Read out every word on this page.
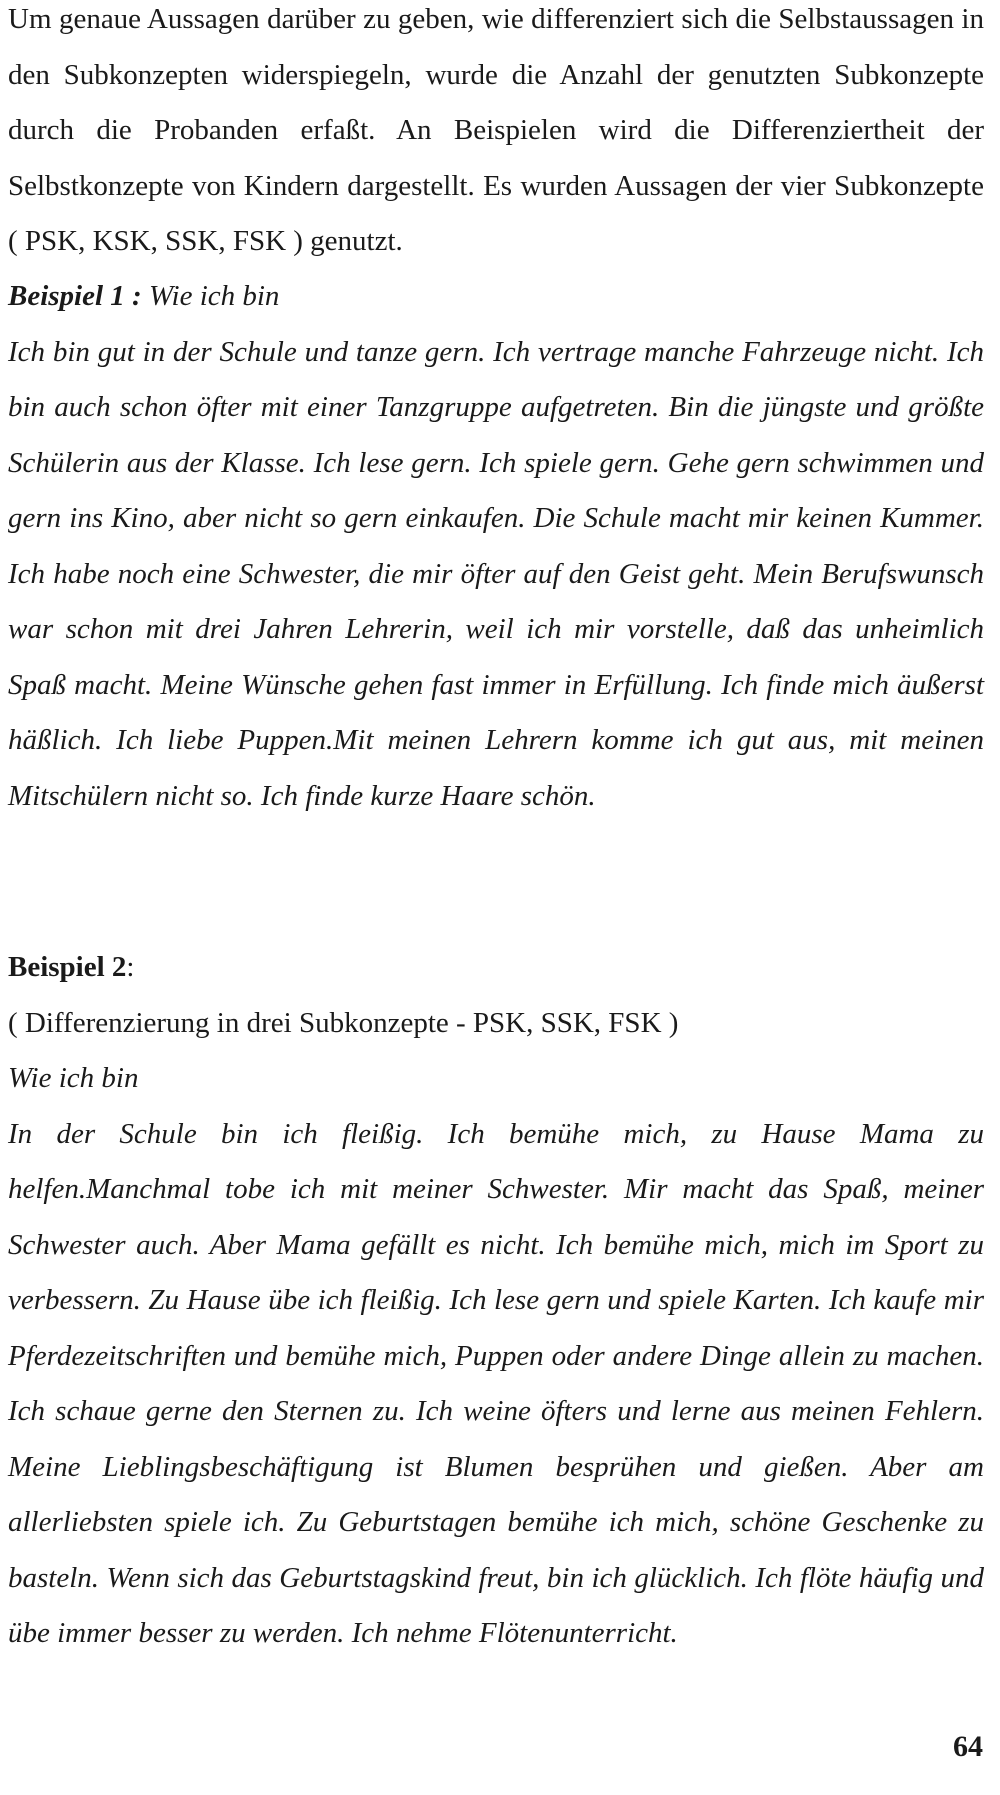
Um genaue Aussagen darüber zu geben, wie differenziert sich die Selbstaussagen in den Subkonzepten widerspiegeln, wurde die Anzahl der genutzten Subkonzepte durch die Probanden erfaßt. An Beispielen wird die Differenziertheit der Selbstkonzepte von Kindern dargestellt. Es wurden Aussagen der vier Subkonzepte ( PSK, KSK, SSK, FSK ) genutzt.

Beispiel 1 : Wie ich bin

Ich bin gut in der Schule und tanze gern. Ich vertrage manche Fahrzeuge nicht. Ich bin auch schon öfter mit einer Tanzgruppe aufgetreten. Bin die jüngste und größte Schülerin aus der Klasse. Ich lese gern. Ich spiele gern. Gehe gern schwimmen und gern ins Kino, aber nicht so gern einkaufen. Die Schule macht mir keinen Kummer. Ich habe noch eine Schwester, die mir öfter auf den Geist geht. Mein Berufswunsch war schon mit drei Jahren Lehrerin, weil ich mir vorstelle, daß das unheimlich Spaß macht. Meine Wünsche gehen fast immer in Erfüllung. Ich finde mich äußerst häßlich. Ich liebe Puppen.Mit meinen Lehrern komme ich gut aus, mit meinen Mitschülern nicht so. Ich finde kurze Haare schön.

Beispiel 2:

( Differenzierung in drei Subkonzepte - PSK, SSK, FSK )

Wie ich bin

In der Schule bin ich fleißig. Ich bemühe mich, zu Hause Mama zu helfen.Manchmal tobe ich mit meiner Schwester. Mir macht das Spaß, meiner Schwester auch. Aber Mama gefällt es nicht. Ich bemühe mich, mich im Sport zu verbessern. Zu Hause übe ich fleißig. Ich lese gern und spiele Karten. Ich kaufe mir Pferdezeitschriften und bemühe mich, Puppen oder andere Dinge allein zu machen. Ich schaue gerne den Sternen zu. Ich weine öfters und lerne aus meinen Fehlern. Meine Lieblingsbeschäftigung ist Blumen besprühen und gießen. Aber am allerliebsten spiele ich. Zu Geburtstagen bemühe ich mich, schöne Geschenke zu basteln. Wenn sich das Geburtstagskind freut, bin ich glücklich. Ich flöte häufig und übe immer besser zu werden. Ich nehme Flötenunterricht.

64
